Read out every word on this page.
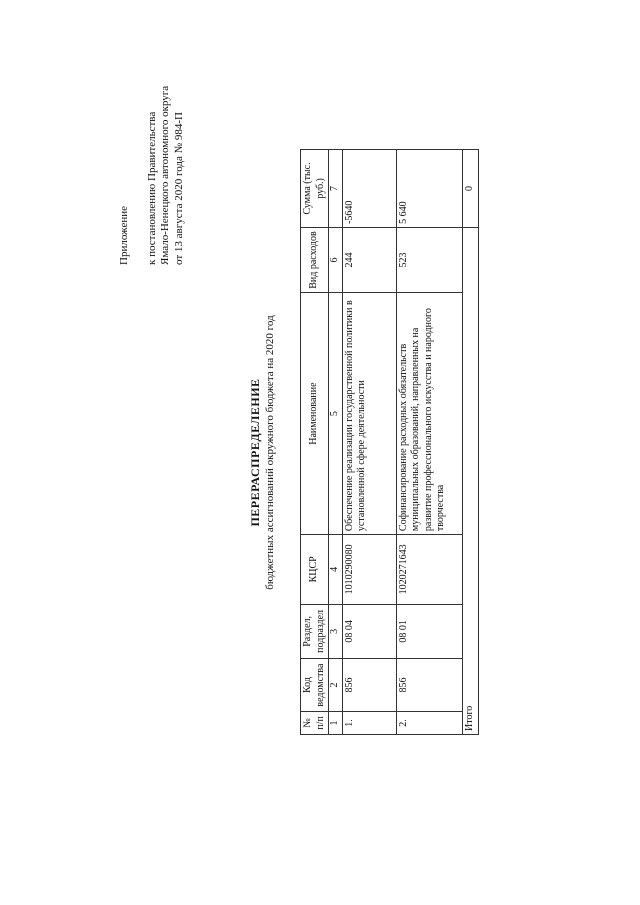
Приложение к постановлению Правительства Ямало-Ненецкого автономного округа от 13 августа 2020 года № 984-П
ПЕРЕРАСПРЕДЕЛЕНИЕ бюджетных ассигнований окружного бюджета на 2020 год
№ п/п	Код ведомства	Раздел, подраздел	КЦСР	Наименование	Вид расходов	Сумма (тыс. руб.)
1	2	3	4	5	6	7
1.	856	08 04	1010290080	Обеспечение реализации государственной политики в установленной сфере деятельности	244	-5640
2.	856	08 01	1020271643	Софинансирование расходных обязательств муниципальных образований, направленных на развитие профессионального искусства и народного творчества	523	5 640
Итого						0
